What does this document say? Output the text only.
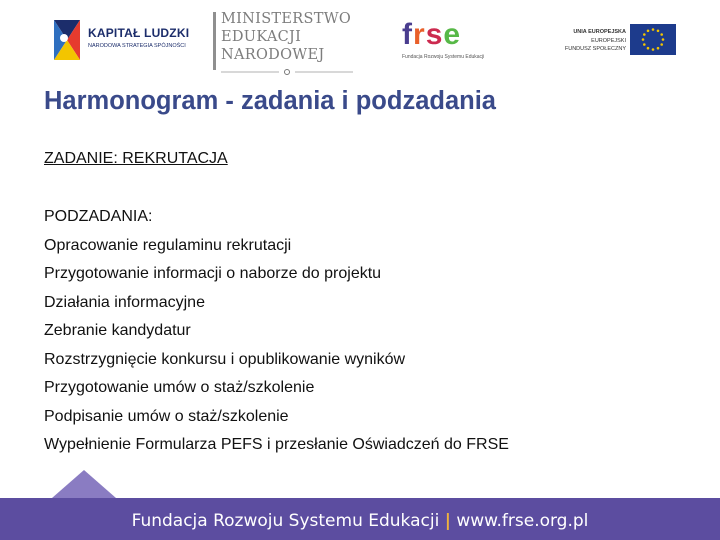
KAPITAŁ LUDZKI
NARODOWA STRATEGIA SPÓJNOŚCI
MINISTERSTWO
EDUKACJI
NARODOWEJ
frse
Fundacja Rozwoju Systemu Edukacji
UNIA EUROPEJSKA
EUROPEJSKI
FUNDUSZ SPOŁECZNY
Harmonogram - zadania i podzadania
ZADANIE: REKRUTACJA
PODZADANIA:
Opracowanie regulaminu rekrutacji
Przygotowanie informacji o naborze do projektu
Działania informacyjne
Zebranie kandydatur
Rozstrzygnięcie konkursu i opublikowanie wyników
Przygotowanie umów o staż/szkolenie
Podpisanie umów o staż/szkolenie
Wypełnienie Formularza PEFS i przesłanie Oświadczeń do FRSE
Fundacja Rozwoju Systemu Edukacji | www.frse.org.pl
